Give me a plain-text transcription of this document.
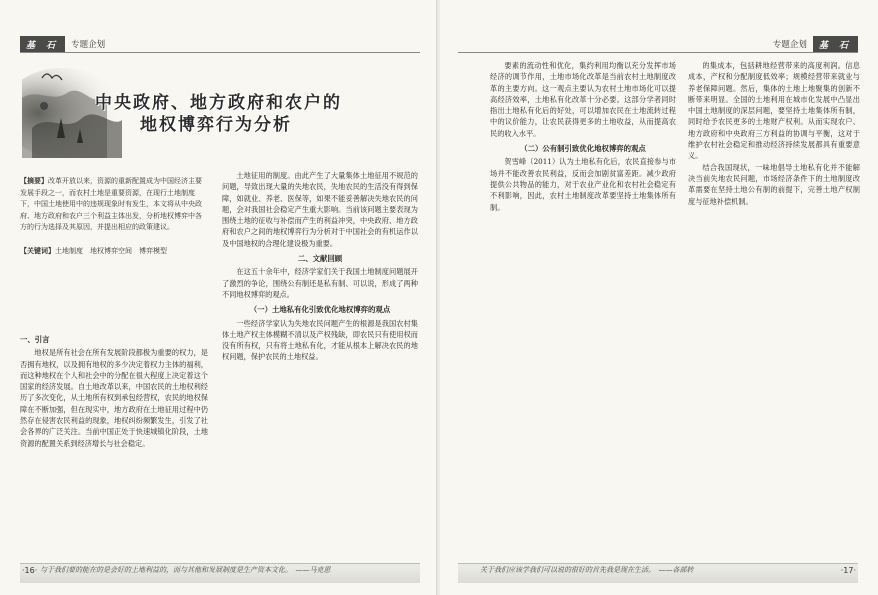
基 石	专题企划
中央政府、地方政府和农户的
地权博弈行为分析
【摘要】改革开放以来，资源的重新配置成为中国经济主要发展手段之一，而农村土地是重要资源，在现行土地制度下，中国土地使用中的违规现象时有发生，本文将从中央政府、地方政府和农户三个利益主体出发，分析地权博弈中各方的行为选择及其原因，并提出相应的政策建议。

【关键词】土地制度　地权博弈空间　博弈模型

一、引言

地权是所有社会在所有发展阶段都极为重要的权力，是否拥有地权，以及拥有地权的多少决定着权力主体的福利，而这种地权在个人和社会中的分配在很大程度上决定着这个国家的经济发展。自土地改革以来，中国农民的土地权利经历了多次变化，从土地所有权到承包经营权，农民的地权保障在不断加强，但在现实中，地方政府在土地征用过程中仍然存在侵害农民利益的现象，地权纠纷频繁发生，引发了社会各界的广泛关注。当前中国正处于快速城镇化阶段，土地资源的配置关系到经济增长与社会稳定。

土地征用的制度。由此产生了大量集体土地征用不规范的问题，导致出现大量的失地农民，失地农民的生活没有得到保障，如就业、养老、医保等，如果不能妥善解决失地农民的问题，会对我国社会稳定产生重大影响。当前该问题主要表现为围绕土地的征收与补偿而产生的利益冲突，中央政府、地方政府和农户之间的地权博弈行为分析对于中国社会的有机运作以及中国地权的合理化建设极为重要。

二、文献回顾

在这五十余年中，经济学家们关于我国土地制度问题展开了激烈的争论，围绕公有制还是私有制、可以说，形成了两种不同地权博弈的观点。

（一）土地私有化引致优化地权博弈的观点

一些经济学家认为失地农民问题产生的根源是我国农村集体土地产权主体模糊不清以及产权残缺，即农民只有使用权而没有所有权，只有将土地私有化，才能从根本上解决农民的地权问题，保护农民的土地权益。

与于我们要的能在的是会好的土地利益的，而与其他和发展制度是生产资本文化。　——马克思
·16·
专题企划	基 石

要素的流动性和优化，集约利用均衡以充分发挥市场经济的调节作用，土地市场化改革是当前农村土地制度改革的主要方向。这一观点主要认为农村土地市场化可以提高经济效率，土地私有化改革十分必要。这部分学者同时指出土地私有化后的好处，可以增加农民在土地流转过程中的议价能力，让农民获得更多的土地收益，从而提高农民的收入水平。

（二）公有制引致优化地权博弈的观点

贺雪峰（2011）认为土地私有化后，农民直接参与市场并不能改善农民利益，反而会加剧贫富差距。减少政府提供公共物品的能力，对于农业产业化和农村社会稳定有不利影响，因此，农村土地制度改革要坚持土地集体所有制。

的集成本，包括耕地经营带来的高度利润。信息成本，产权和分配制度低效率；规模经营带来就业与养老保障问题。然后，集体的土地上地聚集的创新不断带来明显。全国的土地利用在城市化发展中凸显出中国土地制度的深层问题，要坚持土地集体所有制，同时给予农民更多的土地财产权利。从而实现农户、地方政府和中央政府三方利益的协调与平衡，这对于维护农村社会稳定和推动经济持续发展都具有重要意义。

结合我国现状，一味地倡导土地私有化并不能解决当前失地农民问题，市场经济条件下的土地制度改革需要在坚持土地公有制的前提下，完善土地产权制度与征地补偿机制。

关于我们应该学我们可以说的很好的首先我是现在生活。　——各部转	·17·
